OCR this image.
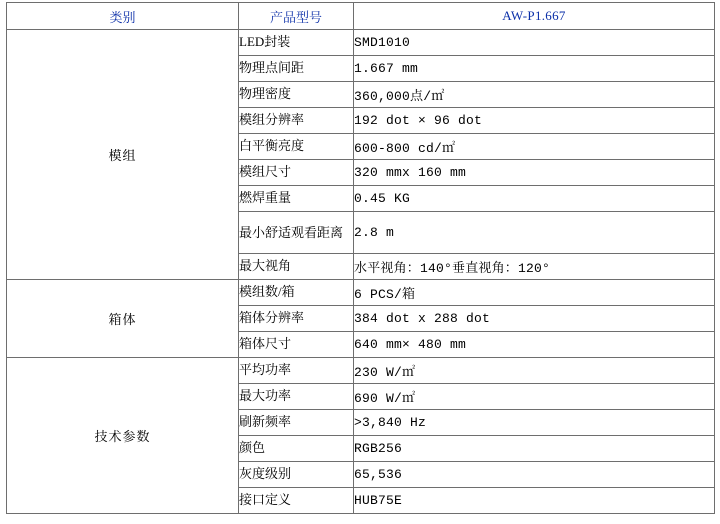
类别	产品型号	AW-P1.667
模组	LED封装	SMD1010
	物理点间距	1.667 mm
	物理密度	360,000点/㎡
	模组分辨率	192 dot × 96 dot
	白平衡亮度	600-800 cd/㎡
	模组尺寸	320 mmx 160 mm
	燃焊重量	0.45 KG
	最小舒适观看距离	2.8 m
	最大视角	水平视角：140°垂直视角：120°
箱体	模组数/箱	6 PCS/箱
	箱体分辨率	384 dot x 288 dot
	箱体尺寸	640 mm× 480 mm
技术参数	平均功率	230 W/㎡
	最大功率	690 W/㎡
	刷新频率	>3,840 Hz
	颜色	RGB256
	灰度级别	65,536
	接口定义	HUB75E
